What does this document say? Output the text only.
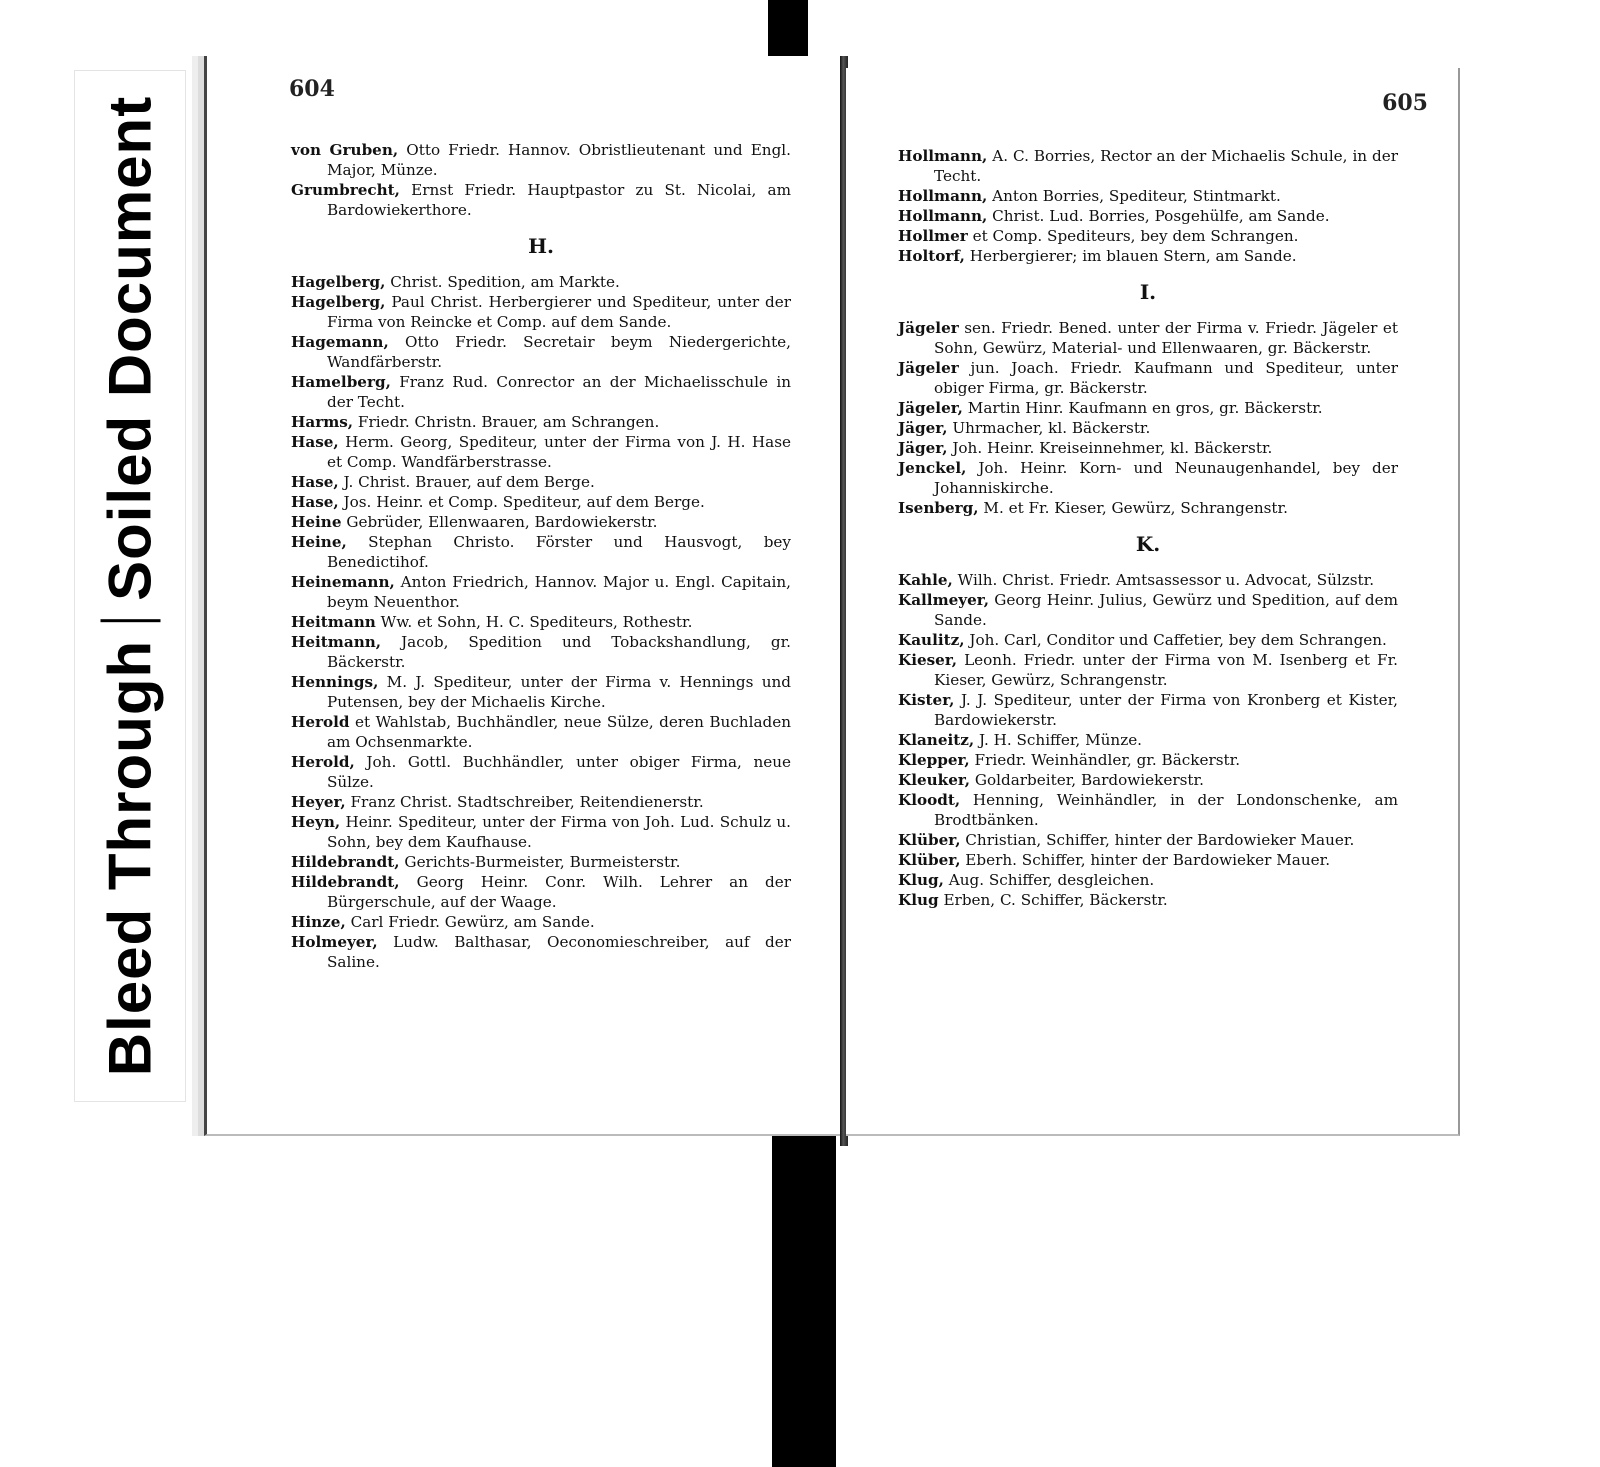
Bleed Through
Soiled Document
604
von Gruben, Otto Friedr. Hannov. Obristlieutenant und Engl. Major, Münze.
Grumbrecht, Ernst Friedr. Hauptpastor zu St. Nicolai, am Bardowiekerthore.
H.
Hagelberg, Christ. Spedition, am Markte.
Hagelberg, Paul Christ. Herbergierer und Spediteur, unter der Firma von Reincke et Comp. auf dem Sande.
Hagemann, Otto Friedr. Secretair beym Niedergerichte, Wandfärberstr.
Hamelberg, Franz Rud. Conrector an der Michaelisschule in der Techt.
Harms, Friedr. Christn. Brauer, am Schrangen.
Hase, Herm. Georg, Spediteur, unter der Firma von J. H. Hase et Comp. Wandfärberstrasse.
Hase, J. Christ. Brauer, auf dem Berge.
Hase, Jos. Heinr. et Comp. Spediteur, auf dem Berge.
Heine Gebrüder, Ellenwaaren, Bardowiekerstr.
Heine, Stephan Christo. Förster und Hausvogt, bey Benedictihof.
Heinemann, Anton Friedrich, Hannov. Major u. Engl. Capitain, beym Neuenthor.
Heitmann Ww. et Sohn, H. C. Spediteurs, Rothestr.
Heitmann, Jacob, Spedition und Tobackshandlung, gr. Bäckerstr.
Hennings, M. J. Spediteur, unter der Firma v. Hennings und Putensen, bey der Michaelis Kirche.
Herold et Wahlstab, Buchhändler, neue Sülze, deren Buchladen am Ochsenmarkte.
Herold, Joh. Gottl. Buchhändler, unter obiger Firma, neue Sülze.
Heyer, Franz Christ. Stadtschreiber, Reitendienerstr.
Heyn, Heinr. Spediteur, unter der Firma von Joh. Lud. Schulz u. Sohn, bey dem Kaufhause.
Hildebrandt, Gerichts-Burmeister, Burmeisterstr.
Hildebrandt, Georg Heinr. Conr. Wilh. Lehrer an der Bürgerschule, auf der Waage.
Hinze, Carl Friedr. Gewürz, am Sande.
Holmeyer, Ludw. Balthasar, Oeconomieschreiber, auf der Saline.
605
Hollmann, A. C. Borries, Rector an der Michaelis Schule, in der Techt.
Hollmann, Anton Borries, Spediteur, Stintmarkt.
Hollmann, Christ. Lud. Borries, Posgehülfe, am Sande.
Hollmer et Comp. Spediteurs, bey dem Schrangen.
Holtorf, Herbergierer; im blauen Stern, am Sande.
I.
Jägeler sen. Friedr. Bened. unter der Firma v. Friedr. Jägeler et Sohn, Gewürz, Material- und Ellenwaaren, gr. Bäckerstr.
Jägeler jun. Joach. Friedr. Kaufmann und Spediteur, unter obiger Firma, gr. Bäckerstr.
Jägeler, Martin Hinr. Kaufmann en gros, gr. Bäckerstr.
Jäger, Uhrmacher, kl. Bäckerstr.
Jäger, Joh. Heinr. Kreiseinnehmer, kl. Bäckerstr.
Jenckel, Joh. Heinr. Korn- und Neunaugenhandel, bey der Johanniskirche.
Isenberg, M. et Fr. Kieser, Gewürz, Schrangenstr.
K.
Kahle, Wilh. Christ. Friedr. Amtsassessor u. Advocat, Sülzstr.
Kallmeyer, Georg Heinr. Julius, Gewürz und Spedition, auf dem Sande.
Kaulitz, Joh. Carl, Conditor und Caffetier, bey dem Schrangen.
Kieser, Leonh. Friedr. unter der Firma von M. Isenberg et Fr. Kieser, Gewürz, Schrangenstr.
Kister, J. J. Spediteur, unter der Firma von Kronberg et Kister, Bardowiekerstr.
Klaneitz, J. H. Schiffer, Münze.
Klepper, Friedr. Weinhändler, gr. Bäckerstr.
Kleuker, Goldarbeiter, Bardowiekerstr.
Kloodt, Henning, Weinhändler, in der Londonschenke, am Brodtbänken.
Klüber, Christian, Schiffer, hinter der Bardowieker Mauer.
Klüber, Eberh. Schiffer, hinter der Bardowieker Mauer.
Klug, Aug. Schiffer, desgleichen.
Klug Erben, C. Schiffer, Bäckerstr.
